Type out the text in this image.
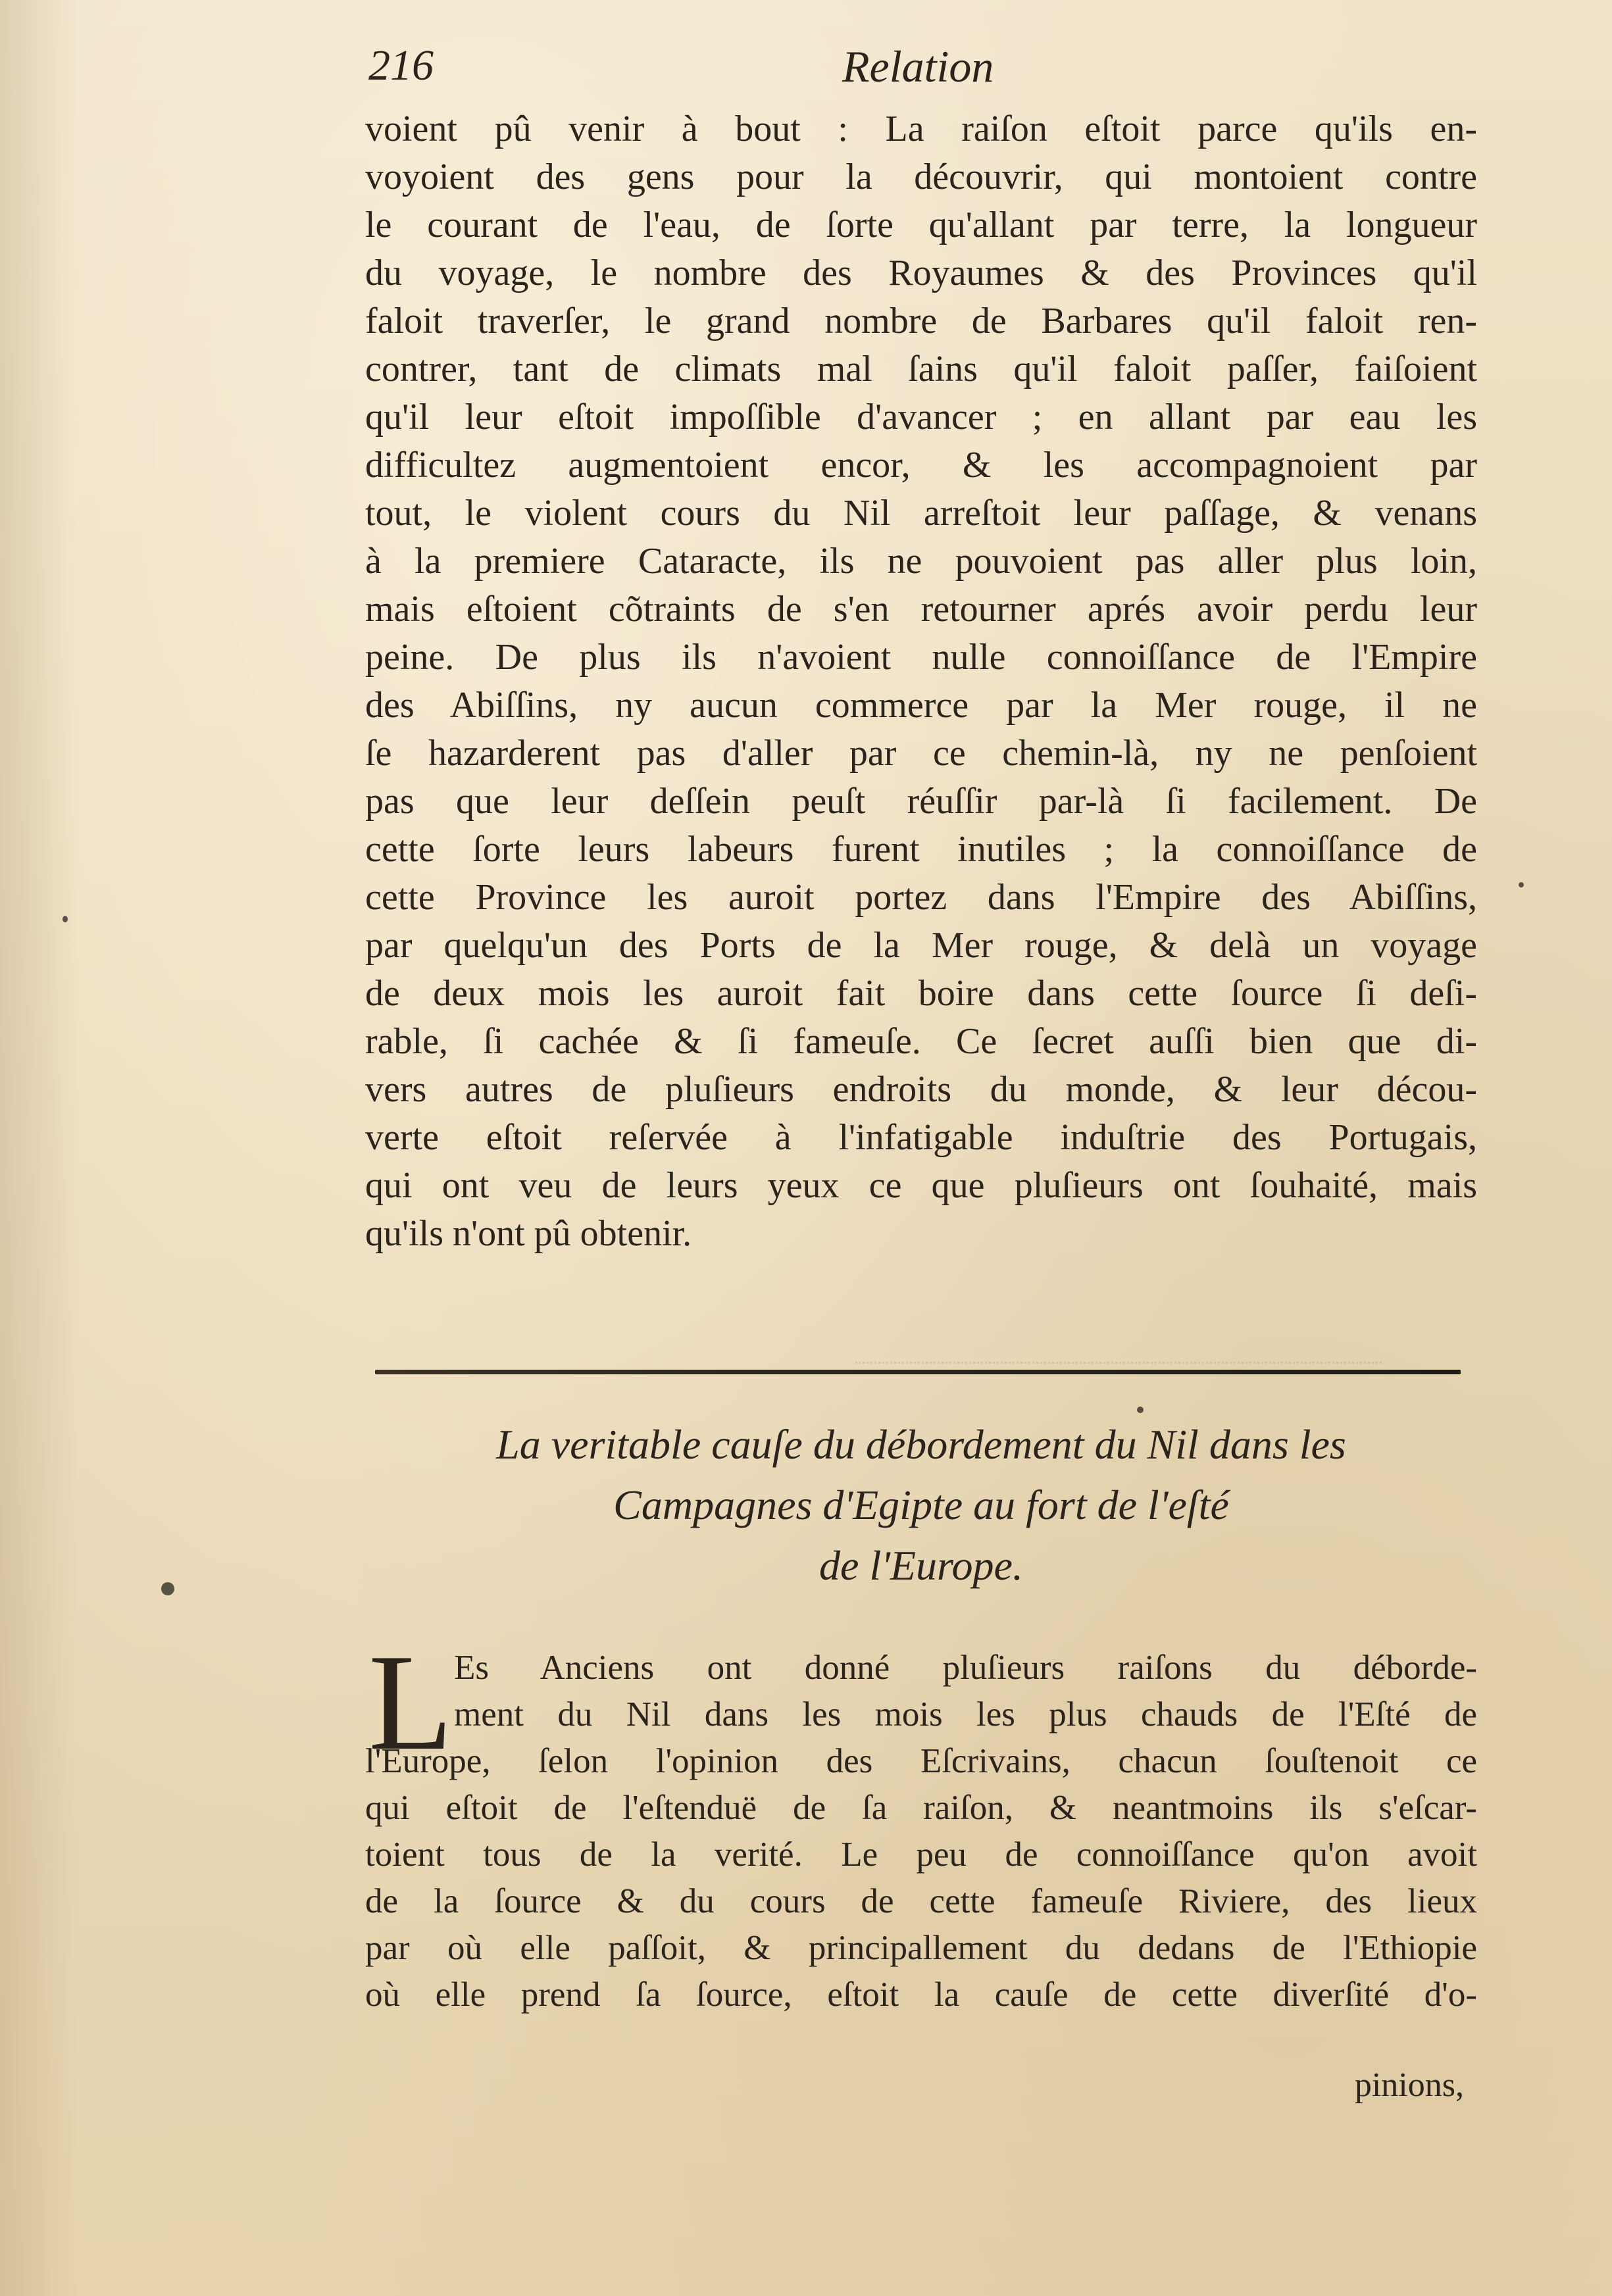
216	Relation
voient pû venir à bout : La raiſon eſtoit parce qu'ils en-
voyoient des gens pour la découvrir, qui montoient contre
le courant de l'eau, de ſorte qu'allant par terre, la longueur
du voyage, le nombre des Royaumes & des Provinces qu'il
faloit traverſer, le grand nombre de Barbares qu'il faloit ren-
contrer, tant de climats mal ſains qu'il faloit paſſer, faiſoient
qu'il leur eſtoit impoſſible d'avancer ; en allant par eau les
difficultez augmentoient encor, & les accompagnoient par
tout, le violent cours du Nil arreſtoit leur paſſage, & venans
à la premiere Cataracte, ils ne pouvoient pas aller plus loin,
mais eſtoient cõtraints de s'en retourner aprés avoir perdu leur
peine. De plus ils n'avoient nulle connoiſſance de l'Empire
des Abiſſins, ny aucun commerce par la Mer rouge, il ne
ſe hazarderent pas d'aller par ce chemin-là, ny ne penſoient
pas que leur deſſein peuſt réuſſir par-là ſi facilement. De
cette ſorte leurs labeurs furent inutiles ; la connoiſſance de
cette Province les auroit portez dans l'Empire des Abiſſins,
par quelqu'un des Ports de la Mer rouge, & delà un voyage
de deux mois les auroit fait boire dans cette ſource ſi deſi-
rable, ſi cachée & ſi fameuſe. Ce ſecret auſſi bien que di-
vers autres de pluſieurs endroits du monde, & leur décou-
verte eſtoit reſervée à l'infatigable induſtrie des Portugais,
qui ont veu de leurs yeux ce que pluſieurs ont ſouhaité, mais
qu'ils n'ont pû obtenir.
La veritable cauſe du débordement du Nil dans les
Campagnes d'Egipte au fort de l'eſté
de l'Europe.
L Es Anciens ont donné pluſieurs raiſons du déborde-
ment du Nil dans les mois les plus chauds de l'Eſté de
l'Europe, ſelon l'opinion des Eſcrivains, chacun ſouſtenoit ce
qui eſtoit de l'eſtenduë de ſa raiſon, & neantmoins ils s'eſcar-
toient tous de la verité. Le peu de connoiſſance qu'on avoit
de la ſource & du cours de cette fameuſe Riviere, des lieux
par où elle paſſoit, & principallement du dedans de l'Ethiopie
où elle prend ſa ſource, eſtoit la cauſe de cette diverſité d'o-
pinions,
